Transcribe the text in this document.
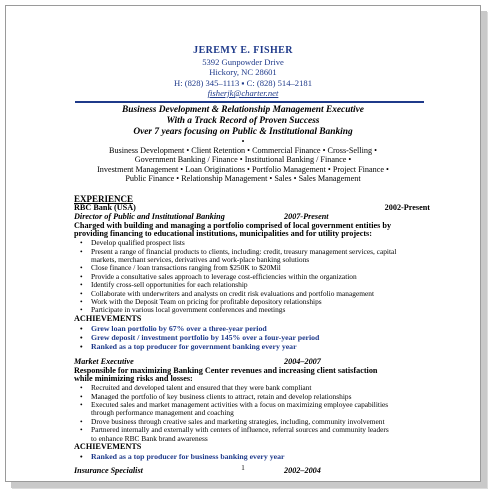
JEREMY E. FISHER
5392 Gunpowder Drive
Hickory, NC 28601
H: (828) 345–1113 ▪ C: (828) 514–2181
fisherjk@charter.net
Business Development & Relationship Management Executive
With a Track Record of Proven Success
Over 7 years focusing on Public & Institutional Banking
•
Business Development • Client Retention • Commercial Finance • Cross-Selling •
Government Banking / Finance • Institutional Banking / Finance •
Investment Management • Loan Originations • Portfolio Management • Project Finance •
Public Finance • Relationship Management • Sales • Sales Management
EXPERIENCE
RBC Bank (USA)	2002-Present
Director of Public and Institutional Banking	2007-Present
Charged with building and managing a portfolio comprised of local government entities by
providing financing to educational institutions, municipalities and for utility projects:
• Develop qualified prospect lists
• Present a range of financial products to clients, including: credit, treasury management services, capital
markets, merchant services, derivatives and work-place banking solutions
• Close finance / loan transactions ranging from $250K to $20Mil
• Provide a consultative sales approach to leverage cost-efficiencies within the organization
• Identify cross-sell opportunities for each relationship
• Collaborate with underwriters and analysts on credit risk evaluations and portfolio management
• Work with the Deposit Team on pricing for profitable depository relationships
• Participate in various local government conferences and meetings
ACHIEVEMENTS
• Grew loan portfolio by 67% over a three-year period
• Grew deposit / investment portfolio by 145% over a four-year period
• Ranked as a top producer for government banking every year
Market Executive	2004–2007
Responsible for maximizing Banking Center revenues and increasing client satisfaction
while minimizing risks and losses:
• Recruited and developed talent and ensured that they were bank compliant
• Managed the portfolio of key business clients to attract, retain and develop relationships
• Executed sales and market management activities with a focus on maximizing employee capabilities
through performance management and coaching
• Drove business through creative sales and marketing strategies, including, community involvement
• Partnered internally and externally with centers of influence, referral sources and community leaders
to enhance RBC Bank brand awareness
ACHIEVEMENTS
• Ranked as a top producer for business banking every year
Insurance Specialist	2002–2004
1
